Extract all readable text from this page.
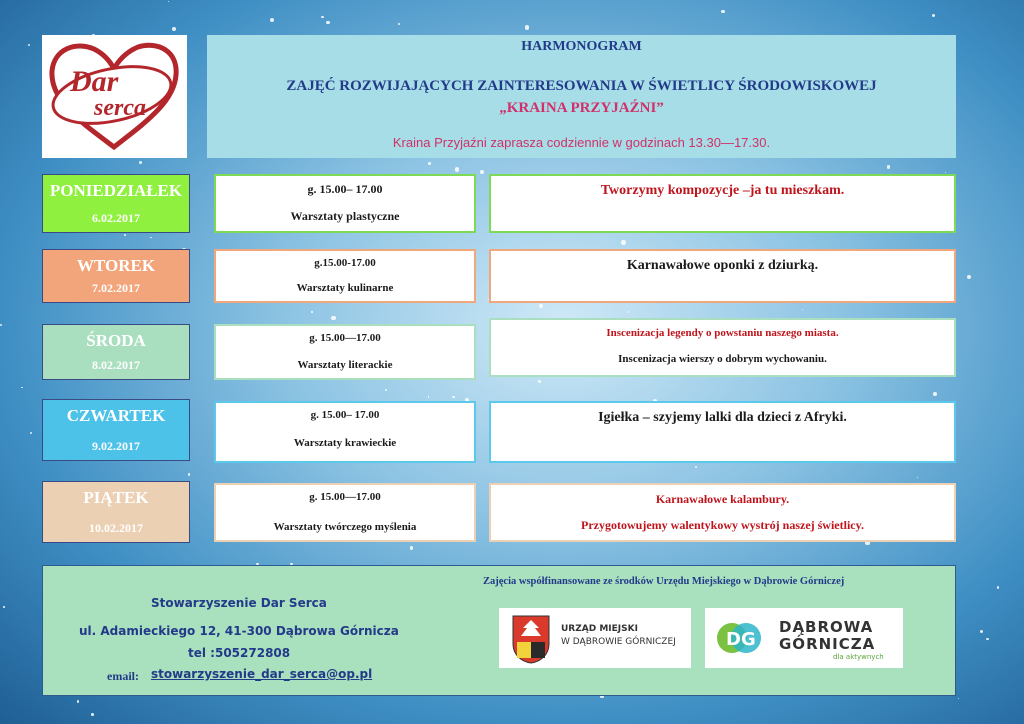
Dar
serca
HARMONOGRAM
ZAJĘĆ ROZWIJAJĄCYCH ZAINTERESOWANIA W ŚWIETLICY ŚRODOWISKOWEJ
„KRAINA PRZYJAŹNI”
Kraina Przyjaźni zaprasza codziennie w godzinach 13.30—17.30.
PONIEDZIAŁEK
6.02.2017
g. 15.00– 17.00
Warsztaty plastyczne
Tworzymy kompozycje –ja tu mieszkam.
WTOREK
7.02.2017
g.15.00-17.00
Warsztaty kulinarne
Karnawałowe oponki z dziurką.
ŚRODA
8.02.2017
g. 15.00—17.00
Warsztaty literackie
Inscenizacja legendy o powstaniu naszego miasta.
Inscenizacja wierszy o dobrym wychowaniu.
CZWARTEK
9.02.2017
g. 15.00– 17.00
Warsztaty krawieckie
Igiełka – szyjemy lalki dla dzieci z Afryki.
PIĄTEK
10.02.2017
g. 15.00—17.00
Warsztaty twórczego myślenia
Karnawałowe kalambury.
Przygotowujemy walentykowy wystrój naszej świetlicy.
Stowarzyszenie Dar Serca
ul. Adamieckiego 12, 41-300 Dąbrowa Górnicza
tel :505272808
email: stowarzyszenie_dar_serca@op.pl
Zajęcia współfinansowane ze środków Urzędu Miejskiego w Dąbrowie Górniczej
URZĄD MIEJSKI
W DĄBROWIE GÓRNICZEJ	DG
DĄBROWA
GÓRNICZA
dla aktywnych
